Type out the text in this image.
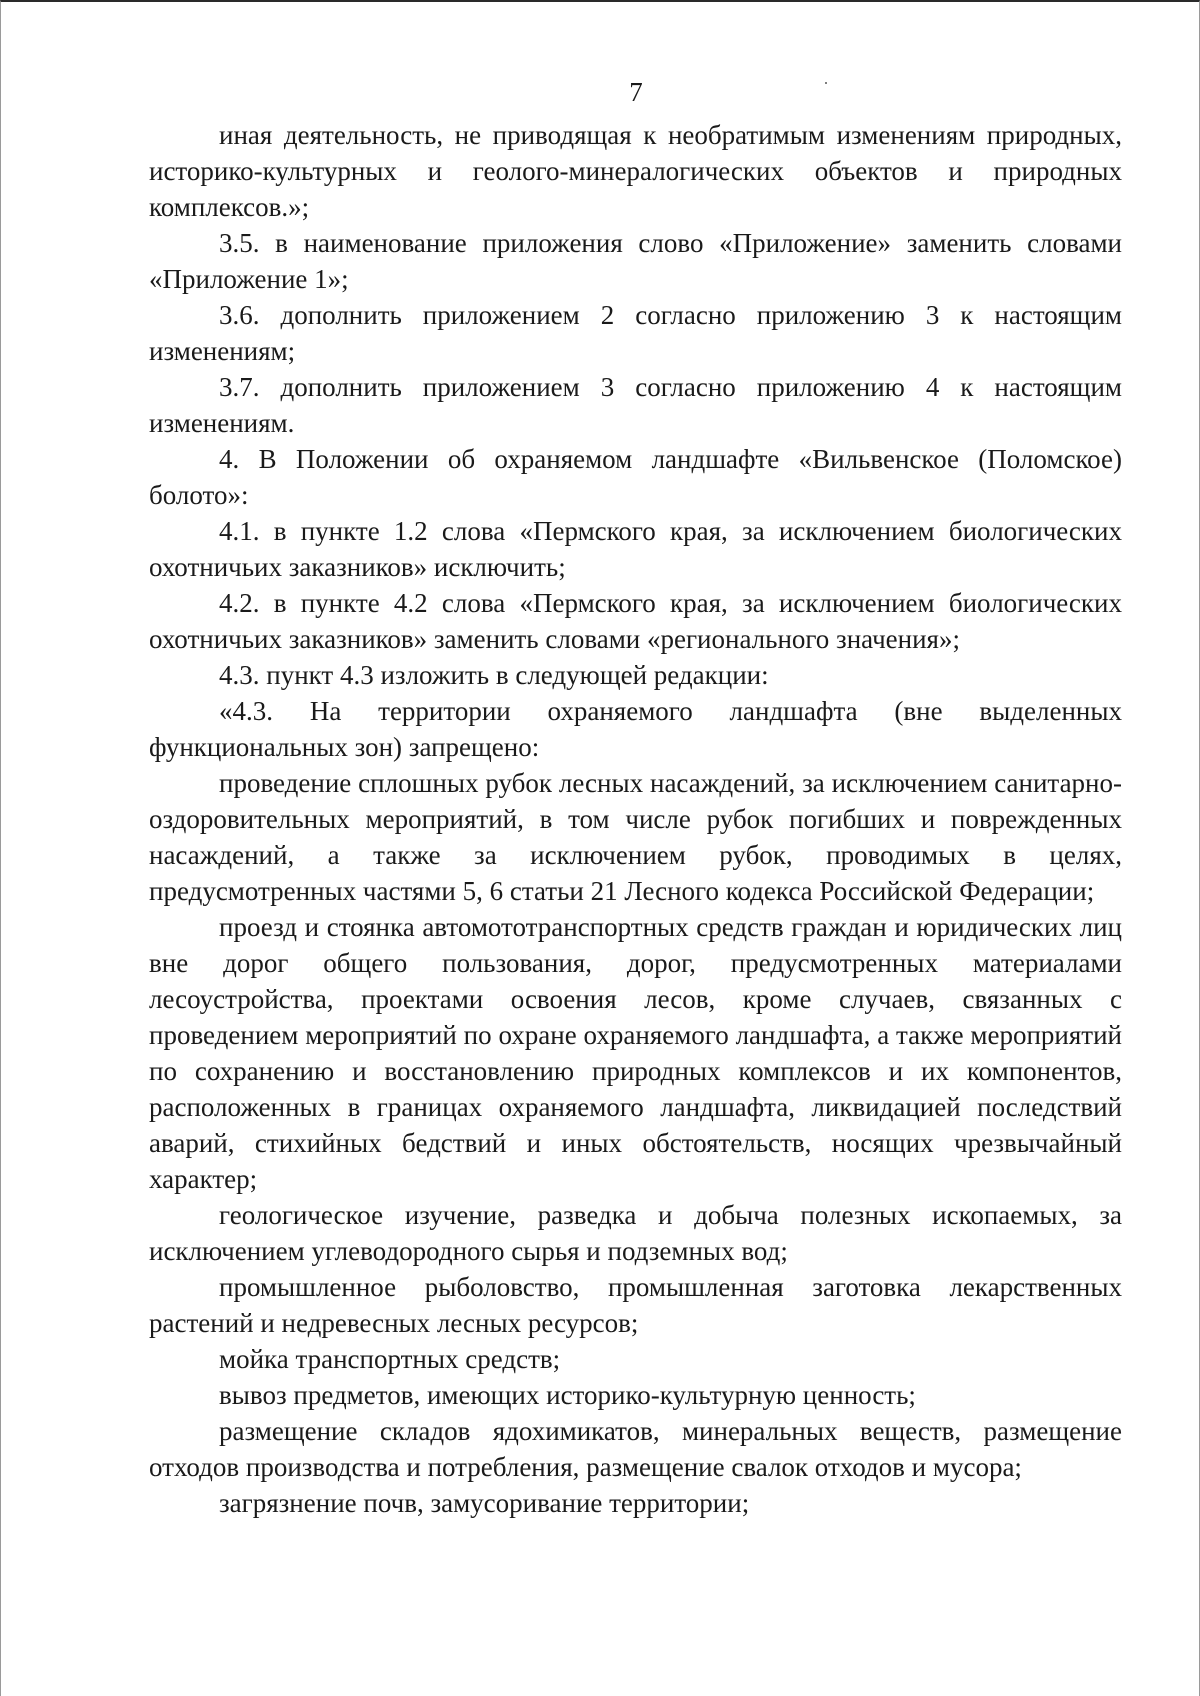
7

иная деятельность, не приводящая к необратимым изменениям природных, историко-культурных и геолого-минералогических объектов и природных комплексов.»;

3.5. в наименование приложения слово «Приложение» заменить словами «Приложение 1»;

3.6. дополнить приложением 2 согласно приложению 3 к настоящим изменениям;

3.7. дополнить приложением 3 согласно приложению 4 к настоящим изменениям.

4. В Положении об охраняемом ландшафте «Вильвенское (Поломское) болото»:

4.1. в пункте 1.2 слова «Пермского края, за исключением биологических охотничьих заказников» исключить;

4.2. в пункте 4.2 слова «Пермского края, за исключением биологических охотничьих заказников» заменить словами «регионального значения»;

4.3. пункт 4.3 изложить в следующей редакции:

«4.3. На территории охраняемого ландшафта (вне выделенных функциональных зон) запрещено:

проведение сплошных рубок лесных насаждений, за исключением санитарно-оздоровительных мероприятий, в том числе рубок погибших и поврежденных насаждений, а также за исключением рубок, проводимых в целях, предусмотренных частями 5, 6 статьи 21 Лесного кодекса Российской Федерации;

проезд и стоянка автомототранспортных средств граждан и юридических лиц вне дорог общего пользования, дорог, предусмотренных материалами лесоустройства, проектами освоения лесов, кроме случаев, связанных с проведением мероприятий по охране охраняемого ландшафта, а также мероприятий по сохранению и восстановлению природных комплексов и их компонентов, расположенных в границах охраняемого ландшафта, ликвидацией последствий аварий, стихийных бедствий и иных обстоятельств, носящих чрезвычайный характер;

геологическое изучение, разведка и добыча полезных ископаемых, за исключением углеводородного сырья и подземных вод;

промышленное рыболовство, промышленная заготовка лекарственных растений и недревесных лесных ресурсов;

мойка транспортных средств;

вывоз предметов, имеющих историко-культурную ценность;

размещение складов ядохимикатов, минеральных веществ, размещение отходов производства и потребления, размещение свалок отходов и мусора;

загрязнение почв, замусоривание территории;
